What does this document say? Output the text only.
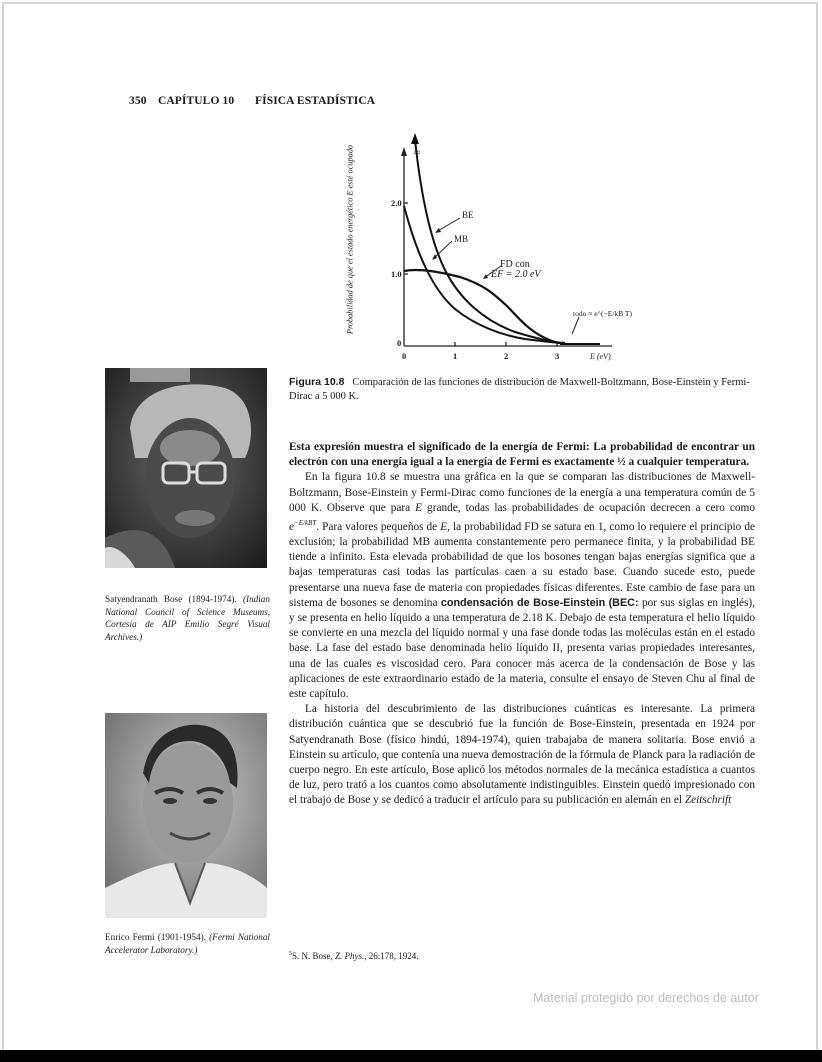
350 CAPÍTULO 10 FÍSICA ESTADÍSTICA
Probabilidad de que el estado energético E esté ocupado	∞
BE
MB
FD con
EF = 2.0 eV
todo ≈ e^(−E/kB T)
2.0
1.0
0
0	1	2	3	E (eV)
Figura 10.8 Comparación de las funciones de distribución de Maxwell-Boltzmann, Bose-Einstein y Fermi-Dirac a 5 000 K.
Satyendranath Bose (1894-1974). (Indian National Council of Science Museums, Cortesía de AIP Emilio Segré Visual Archives.)
Enrico Fermi (1901-1954). (Fermi National Accelerator Laboratory.)

Esta expresión muestra el significado de la energía de Fermi: La probabilidad de encontrar un electrón con una energía igual a la energía de Fermi es exactamente ½ a cualquier temperatura.

En la figura 10.8 se muestra una gráfica en la que se comparan las distribuciones de Maxwell-Boltzmann, Bose-Einstein y Fermi-Dirac como funciones de la energía a una temperatura común de 5 000 K. Observe que para E grande, todas las probabilidades de ocupación decrecen a cero como $e^{-E/kBT}$. Para valores pequeños de E, la probabilidad FD se satura en 1, como lo requiere el principio de exclusión; la probabilidad MB aumenta constantemente pero permanece finita, y la probabilidad BE tiende a infinito. Esta elevada probabilidad de que los bosones tengan bajas energías significa que a bajas temperaturas casi todas las partículas caen a su estado base. Cuando sucede esto, puede presentarse una nueva fase de materia con propiedades físicas diferentes. Este cambio de fase para un sistema de bosones se denomina condensación de Bose-Einstein (BEC: por sus siglas en inglés), y se presenta en helio líquido a una temperatura de 2.18 K. Debajo de esta temperatura el helio líquido se convierte en una mezcla del líquido normal y una fase donde todas las moléculas están en el estado base. La fase del estado base denominada helio líquido II, presenta varias propiedades interesantes, una de las cuales es viscosidad cero. Para conocer más acerca de la condensación de Bose y las aplicaciones de este extraordinario estado de la materia, consulte el ensayo de Steven Chu al final de este capítulo.

La historia del descubrimiento de las distribuciones cuánticas es interesante. La primera distribución cuántica que se descubrió fue la función de Bose-Einstein, presentada en 1924 por Satyendranath Bose (físico hindú, 1894-1974), quien trabajaba de manera solitaria. Bose envió a Einstein su artículo, que contenía una nueva demostración de la fórmula de Planck para la radiación de cuerpo negro. En este artículo, Bose aplicó los métodos normales de la mecánica estadística a cuantos de luz, pero trató a los cuantos como absolutamente indistinguibles. Einstein quedó impresionado con el trabajo de Bose y se dedicó a traducir el artículo para su publicación en alemán en el Zeitschrift

$^5$S. N. Bose, Z. Phys., 26:178, 1924.
Material protegido por derechos de autor
